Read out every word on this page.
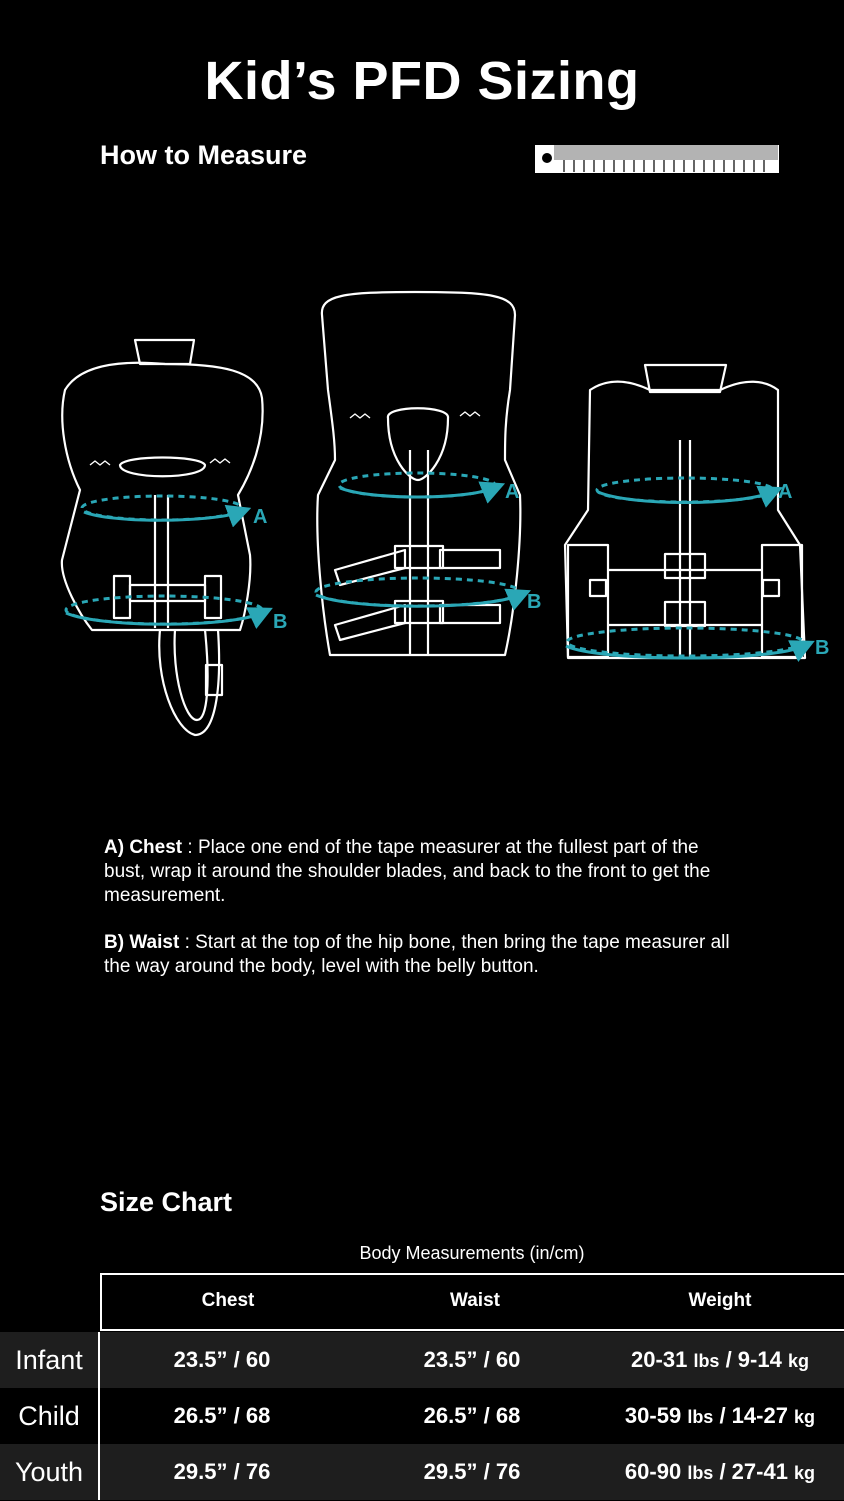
Kid’s PFD Sizing
How to Measure
A
B
A
B
A
B

A) Chest : Place one end of the tape measurer at the fullest part of the bust, wrap it around the shoulder blades, and back to the front to get the measurement.

B) Waist : Start at the top of the hip bone, then bring the tape measurer all the way around the body, level with the belly button.

Size Chart
Body Measurements (in/cm)
Chest	Waist	Weight
Infant	23.5” / 60	23.5” / 60	20-31 lbs / 9-14 kg
Child	26.5” / 68	26.5” / 68	30-59 lbs / 14-27 kg
Youth	29.5” / 76	29.5” / 76	60-90 lbs / 27-41 kg
